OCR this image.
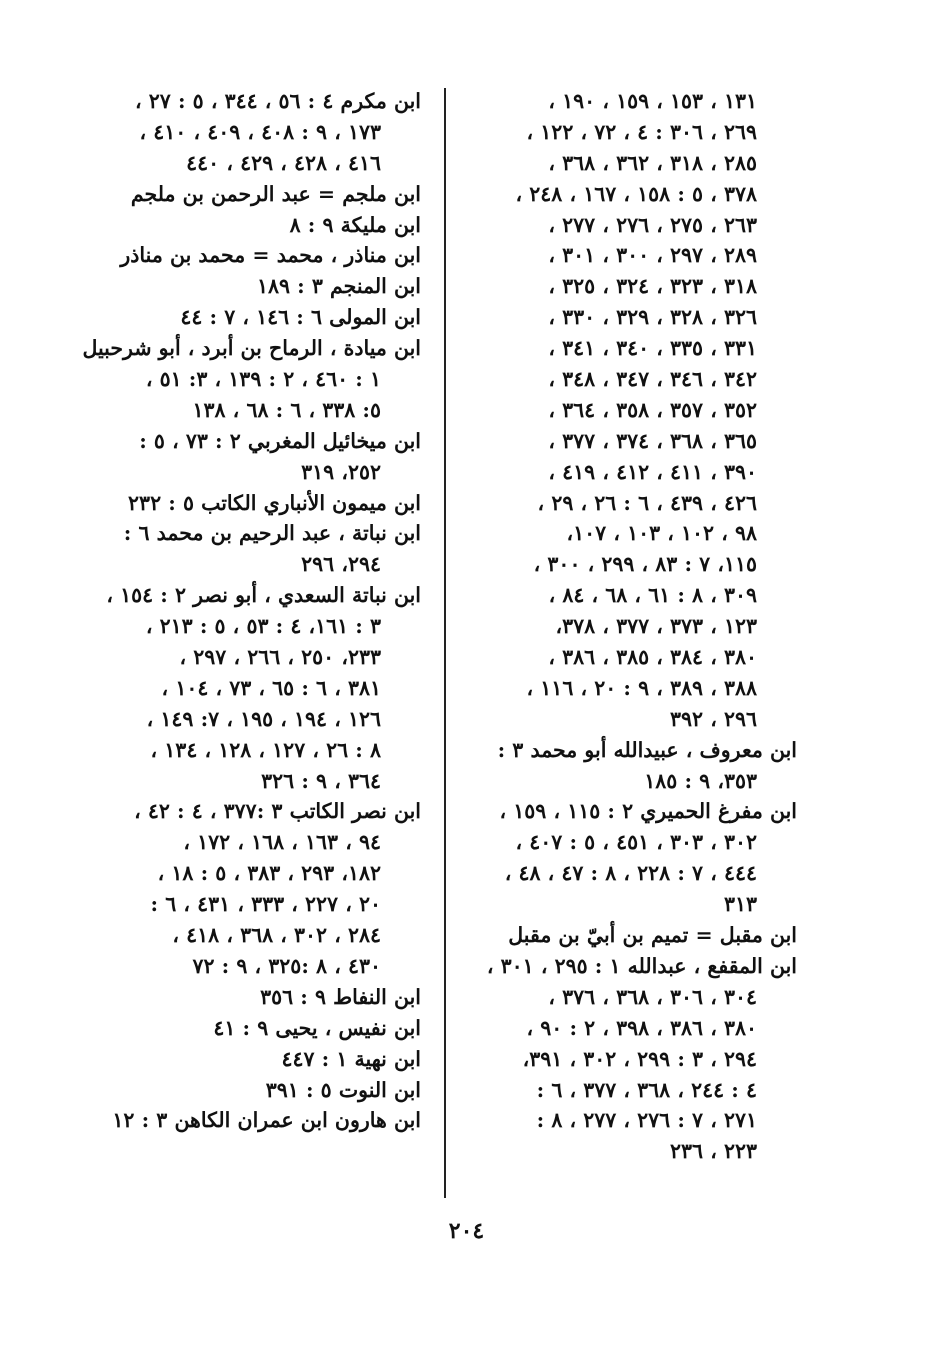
١٣١ ، ١٥٣ ، ١٥٩ ، ١٩٠ ،
٢٦٩ ، ٣٠٦ : ٤ ، ٧٢ ، ١٢٢ ،
٢٨٥ ، ٣١٨ ، ٣٦٢ ، ٣٦٨ ،
٣٧٨ ، ٥ : ١٥٨ ، ١٦٧ ، ٢٤٨ ،
٢٦٣ ، ٢٧٥ ، ٢٧٦ ، ٢٧٧ ،
٢٨٩ ، ٢٩٧ ، ٣٠٠ ، ٣٠١ ،
٣١٨ ، ٣٢٣ ، ٣٢٤ ، ٣٢٥ ،
٣٢٦ ، ٣٢٨ ، ٣٢٩ ، ٣٣٠ ،
٣٣١ ، ٣٣٥ ، ٣٤٠ ، ٣٤١ ،
٣٤٢ ، ٣٤٦ ، ٣٤٧ ، ٣٤٨ ،
٣٥٢ ، ٣٥٧ ، ٣٥٨ ، ٣٦٤ ،
٣٦٥ ، ٣٦٨ ، ٣٧٤ ، ٣٧٧ ،
٣٩٠ ، ٤١١ ، ٤١٢ ، ٤١٩ ،
٤٢٦ ، ٤٣٩ ، ٦ : ٢٦ ، ٢٩ ،
٩٨ ، ١٠٢ ، ١٠٣ ، ١٠٧،
١١٥، ٧ : ٨٣ ، ٢٩٩ ، ٣٠٠ ،
٣٠٩ ، ٨ : ٦١ ، ٦٨ ، ٨٤ ،
١٢٣ ، ٣٧٣ ، ٣٧٧ ، ٣٧٨،
٣٨٠ ، ٣٨٤ ، ٣٨٥ ، ٣٨٦ ،
٣٨٨ ، ٣٨٩ ، ٩ : ٢٠ ، ١١٦ ،
٢٩٦ ، ٣٩٢
ابن معروف ، عبيدالله أبو محمد ٣ :
٣٥٣، ٩ : ١٨٥
ابن مفرغ الحميري ٢ : ١١٥ ، ١٥٩ ،
٣٠٢ ، ٣٠٣ ، ٤٥١ ، ٥ : ٤٠٧ ،
٤٤٤ ، ٧ : ٢٢٨ ، ٨ : ٤٧ ، ٤٨ ،
٣١٣
ابن مقبل = تميم بن أبيّ بن مقبل
ابن المقفع ، عبدالله ١ : ٢٩٥ ، ٣٠١ ،
٣٠٤ ، ٣٠٦ ، ٣٦٨ ، ٣٧٦ ،
٣٨٠ ، ٣٨٦ ، ٣٩٨ ، ٢ : ٩٠ ،
٢٩٤ ، ٣ : ٢٩٩ ، ٣٠٢ ، ٣٩١،
٤ : ٢٤٤ ، ٣٦٨ ، ٣٧٧ ، ٦ :
٢٧١ ، ٧ : ٢٧٦ ، ٢٧٧ ، ٨ :
٢٢٣ ، ٢٣٦
ابن مكرم ٤ : ٥٦ ، ٣٤٤ ، ٥ : ٢٧ ،
١٧٣ ، ٩ : ٤٠٨ ، ٤٠٩ ، ٤١٠ ،
٤١٦ ، ٤٢٨ ، ٤٢٩ ، ٤٤٠
ابن ملجم = عبد الرحمن بن ملجم
ابن مليكة ٩ : ٨
ابن مناذر ، محمد = محمد بن مناذر
ابن المنجم ٣ : ١٨٩
ابن المولى ٦ : ١٤٦ ، ٧ : ٤٤
ابن ميادة ، الرماح بن أبرد ، أبو شرحبيل
١ : ٤٦٠ ، ٢ : ١٣٩ ، ٣: ٥١ ،
٥: ٣٣٨ ، ٦ : ٦٨ ، ١٣٨
ابن ميخائيل المغربي ٢ : ٧٣ ، ٥ :
٢٥٢، ٣١٩
ابن ميمون الأنباري الكاتب ٥ : ٢٣٢
ابن نباتة ، عبد الرحيم بن محمد ٦ :
٢٩٤، ٢٩٦
ابن نباتة السعدي ، أبو نصر ٢ : ١٥٤ ،
٣ : ١٦١، ٤ : ٥٣ ، ٥ : ٢١٣ ،
٢٣٣، ٢٥٠ ، ٢٦٦ ، ٢٩٧ ،
٣٨١ ، ٦ : ٦٥ ، ٧٣ ، ١٠٤ ،
١٢٦ ، ١٩٤ ، ١٩٥ ، ٧: ١٤٩ ،
٨ : ٢٦ ، ١٢٧ ، ١٢٨ ، ١٣٤ ،
٣٦٤ ، ٩ : ٣٢٦
ابن نصر الكاتب ٣ :٣٧٧ ، ٤ : ٤٢ ،
٩٤ ، ١٦٣ ، ١٦٨ ، ١٧٢ ،
١٨٢، ٢٩٣ ، ٣٨٣ ، ٥ : ١٨ ،
٢٠ ، ٢٢٧ ، ٣٣٣ ، ٤٣١ ، ٦ :
٢٨٤ ، ٣٠٢ ، ٣٦٨ ، ٤١٨ ،
٤٣٠ ، ٨ :٣٢٥ ، ٩ : ٧٢
ابن النفاط ٩ : ٣٥٦
ابن نفيس ، يحيى ٩ : ٤١
ابن نهية ١ : ٤٤٧
ابن النوت ٥ : ٣٩١
ابن هارون ابن عمران الكاهن ٣ : ١٢
٢٠٤
